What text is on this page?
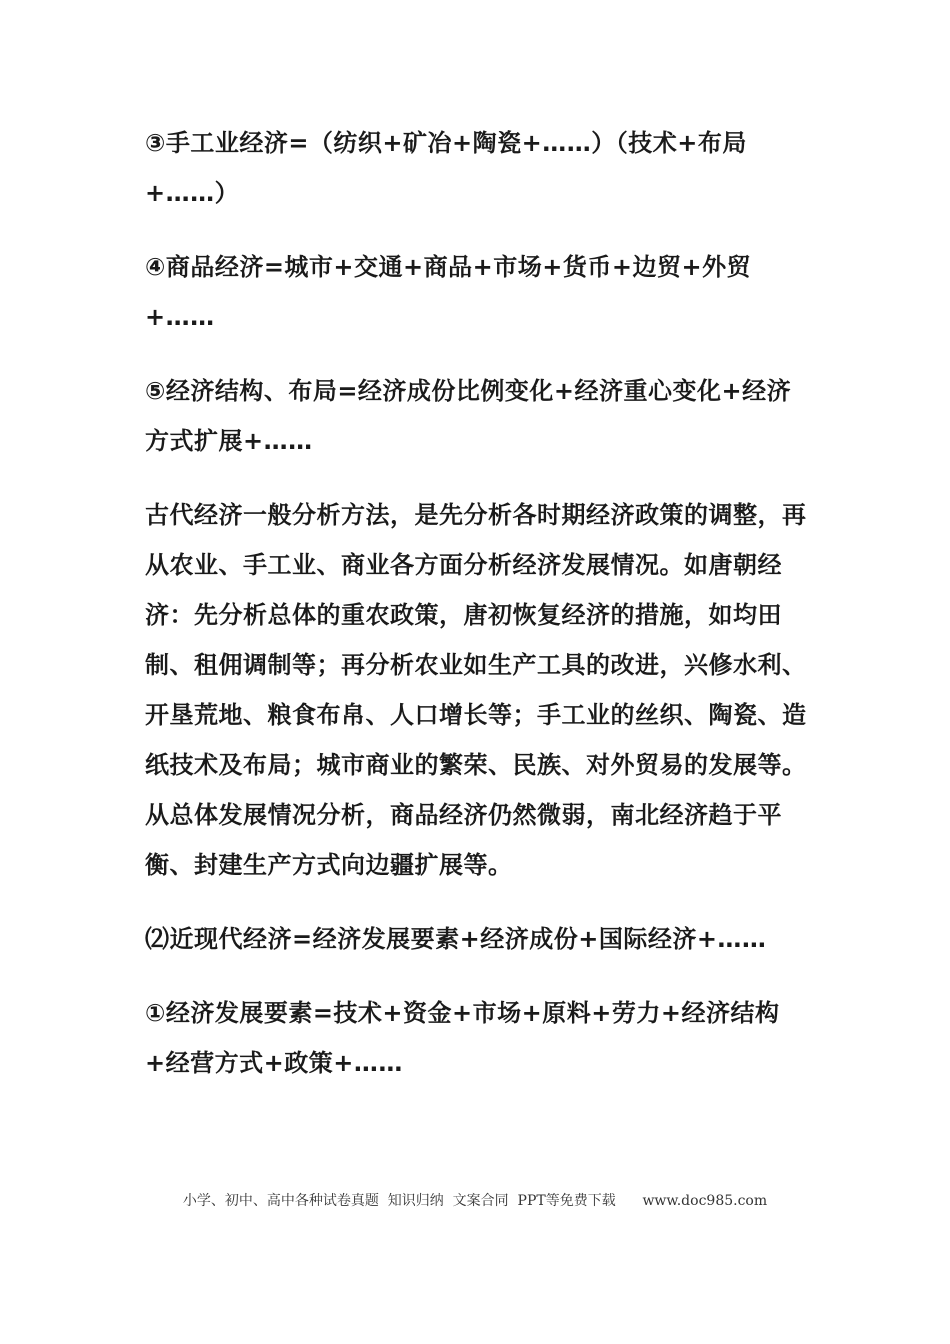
③手工业经济=（纺织+矿冶+陶瓷+……）（技术+布局+……）

④商品经济=城市+交通+商品+市场+货币+边贸+外贸+……

⑤经济结构、布局=经济成份比例变化+经济重心变化+经济方式扩展+……

古代经济一般分析方法，是先分析各时期经济政策的调整，再从农业、手工业、商业各方面分析经济发展情况。如唐朝经济：先分析总体的重农政策，唐初恢复经济的措施，如均田制、租佣调制等；再分析农业如生产工具的改进，兴修水利、开垦荒地、粮食布帛、人口增长等；手工业的丝织、陶瓷、造纸技术及布局；城市商业的繁荣、民族、对外贸易的发展等。从总体发展情况分析，商品经济仍然微弱，南北经济趋于平衡、封建生产方式向边疆扩展等。

⑵近现代经济=经济发展要素+经济成份+国际经济+……

①经济发展要素=技术+资金+市场+原料+劳力+经济结构+经营方式+政策+……

小学、初中、高中各种试卷真题  知识归纳  文案合同  PPT等免费下载      www.doc985.com
